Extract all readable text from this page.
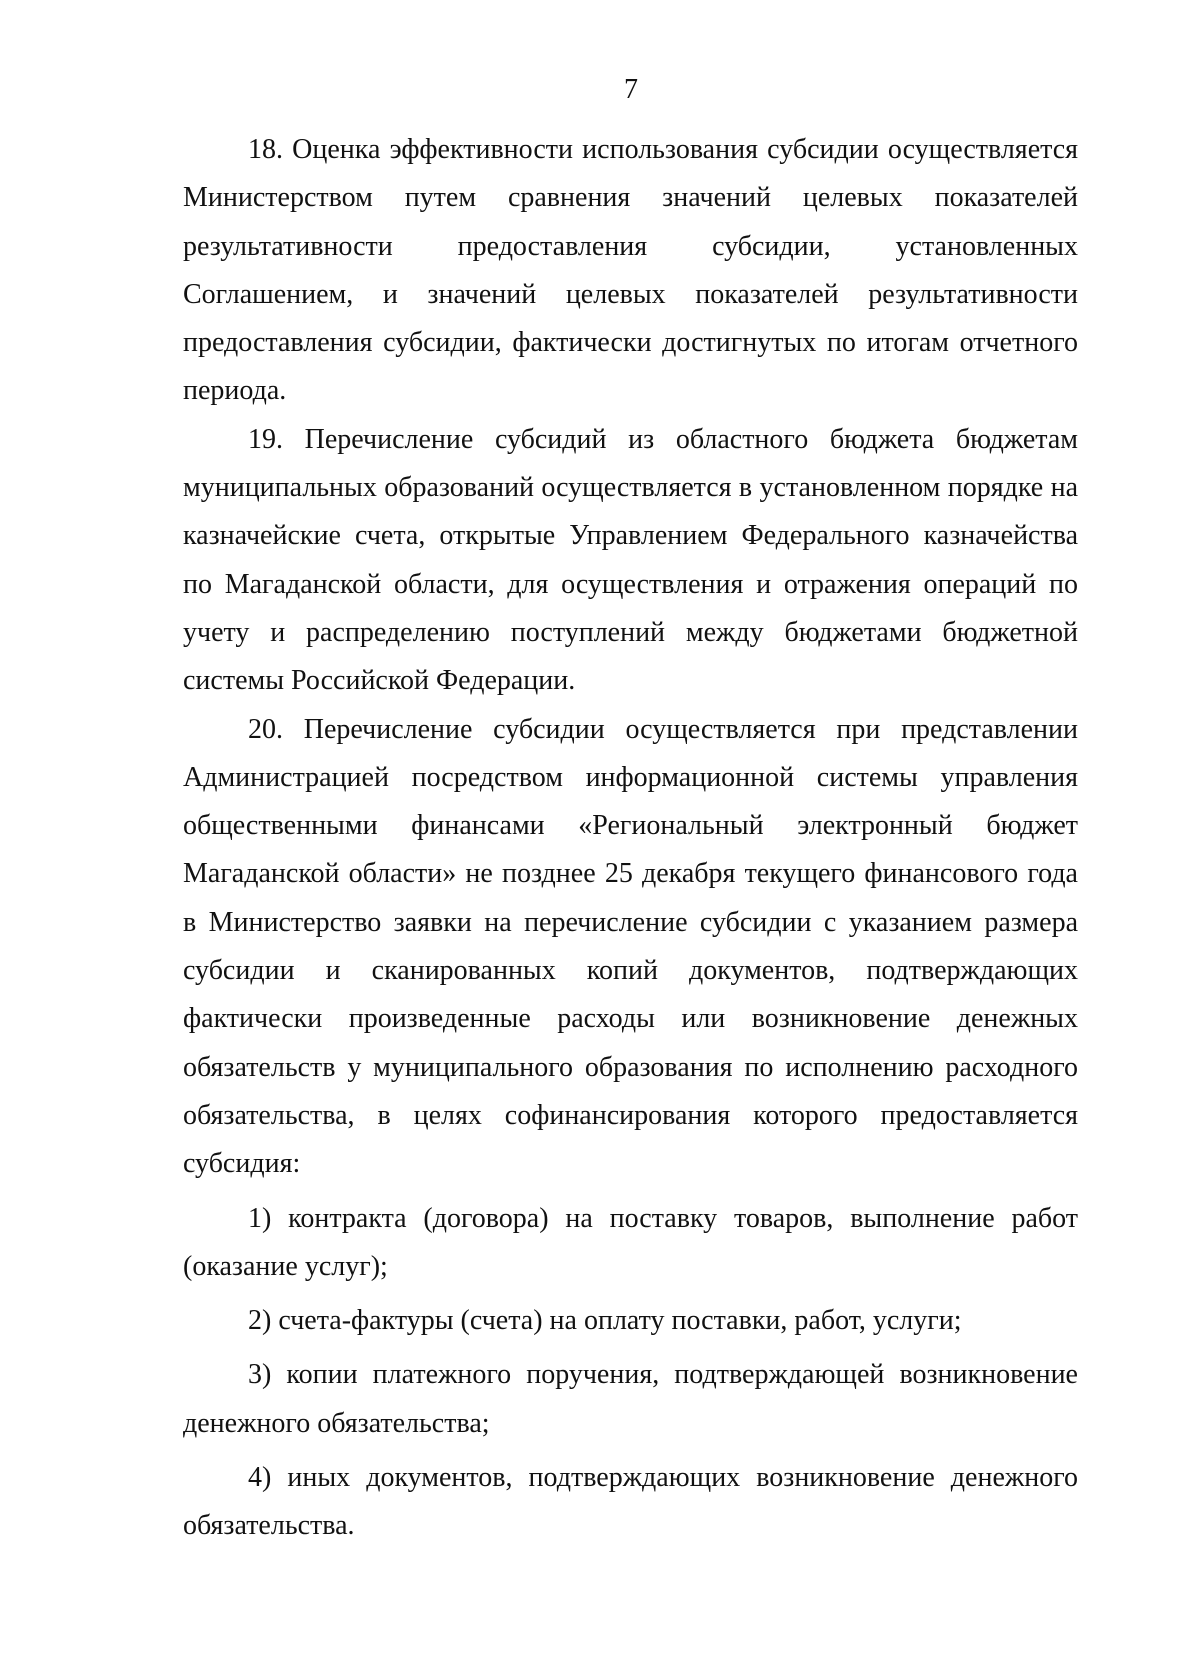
7

18. Оценка эффективности использования субсидии осуществляется Министерством путем сравнения значений целевых показателей результативности предоставления субсидии, установленных Соглашением, и значений целевых показателей результативности предоставления субсидии, фактически достигнутых по итогам отчетного периода.

19. Перечисление субсидий из областного бюджета бюджетам муниципальных образований осуществляется в установленном порядке на казначейские счета, открытые Управлением Федерального казначейства по Магаданской области, для осуществления и отражения операций по учету и распределению поступлений между бюджетами бюджетной системы Российской Федерации.

20. Перечисление субсидии осуществляется при представлении Администрацией посредством информационной системы управления общественными финансами «Региональный электронный бюджет Магаданской области» не позднее 25 декабря текущего финансового года в Министерство заявки на перечисление субсидии с указанием размера субсидии и сканированных копий документов, подтверждающих фактически произведенные расходы или возникновение денежных обязательств у муниципального образования по исполнению расходного обязательства, в целях софинансирования которого предоставляется субсидия:

1) контракта (договора) на поставку товаров, выполнение работ (оказание услуг);

2) счета-фактуры (счета) на оплату поставки, работ, услуги;

3) копии платежного поручения, подтверждающей возникновение денежного обязательства;

4) иных документов, подтверждающих возникновение денежного обязательства.
